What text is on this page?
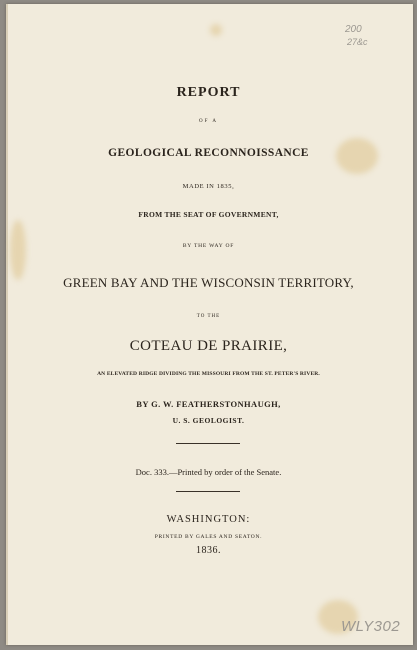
200
27&c
WLY302
REPORT
OF A
GEOLOGICAL RECONNOISSANCE
MADE IN 1835,
FROM THE SEAT OF GOVERNMENT,
BY THE WAY OF
GREEN BAY AND THE WISCONSIN TERRITORY,
TO THE
COTEAU DE PRAIRIE,
AN ELEVATED RIDGE DIVIDING THE MISSOURI FROM THE ST. PETER'S RIVER.
BY G. W. FEATHERSTONHAUGH,
U. S. GEOLOGIST.
Doc. 333.—Printed by order of the Senate.
WASHINGTON:
PRINTED BY GALES AND SEATON.
1836.
